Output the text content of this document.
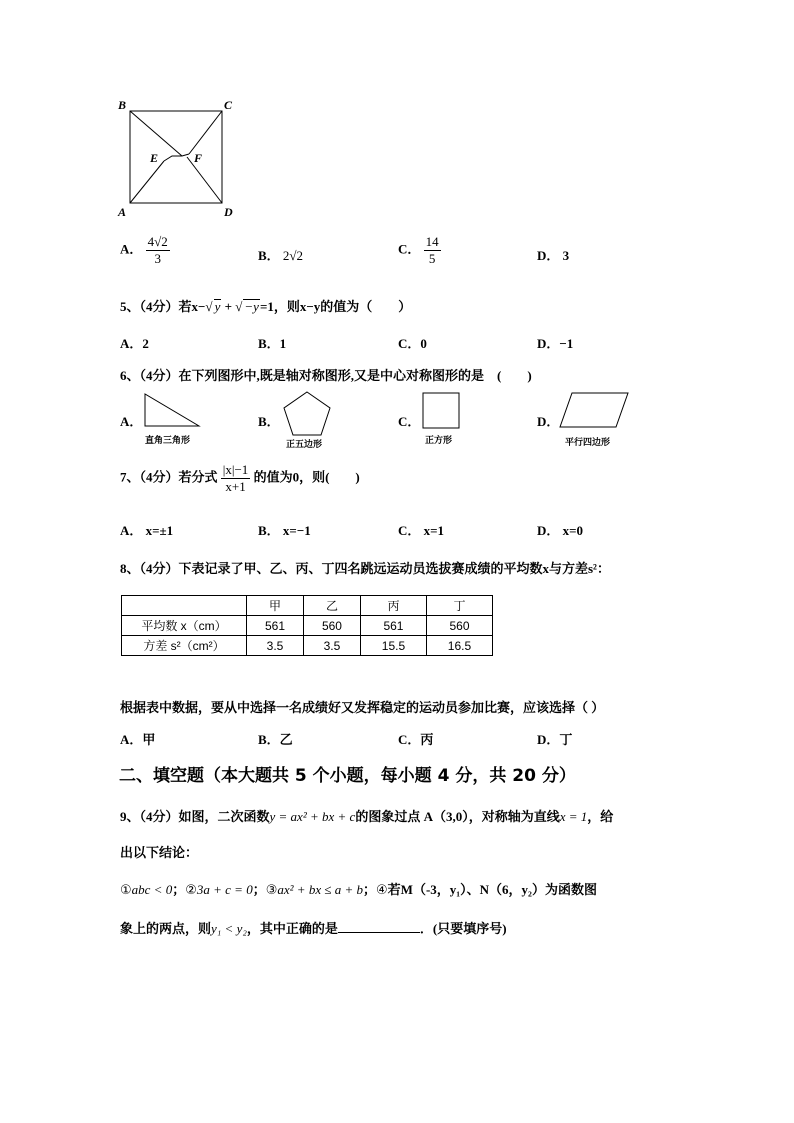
B	C
E	F
A	D
A． $\frac{4√2}{3}$	B． 2√2	C． $\frac{14}{5}$	D． 3
5、（4分）若x−√ y + √ −y=1，则x−y的值为（　　）
A．2	B．1	C．0	D．−1
6、（4分）在下列图形中,既是轴对称图形,又是中心对称图形的是　(　　)
A．
直角三角形
B．
正五边形
C．
正方形
D．
平行四边形
7、（4分）若分式 $\frac{|x|-1}{x+1}$ 的值为0，则(　　)
A． x=±1	B． x=−1	C． x=1	D． x=0
8、（4分）下表记录了甲、乙、丙、丁四名跳远运动员选拔赛成绩的平均数x与方差s²：
	甲	乙	丙	丁
平均数 x（cm）	561	560	561	560
方差 s²（cm²）	3.5	3.5	15.5	16.5
根据表中数据，要从中选择一名成绩好又发挥稳定的运动员参加比赛，应该选择（ ）
A．甲	B．乙	C．丙	D．丁
二、填空题（本大题共 5 个小题，每小题 4 分，共 20 分）
9、（4分）如图，二次函数y = ax² + bx + c的图象过点 A（3,0），对称轴为直线x = 1，给
出以下结论：
①abc < 0；②3a + c = 0；③ax² + bx ≤ a + b；④若M（-3，y₁）、N（6，y₂）为函数图
象上的两点，则y₁ < y₂，其中正确的是	．(只要填序号)
